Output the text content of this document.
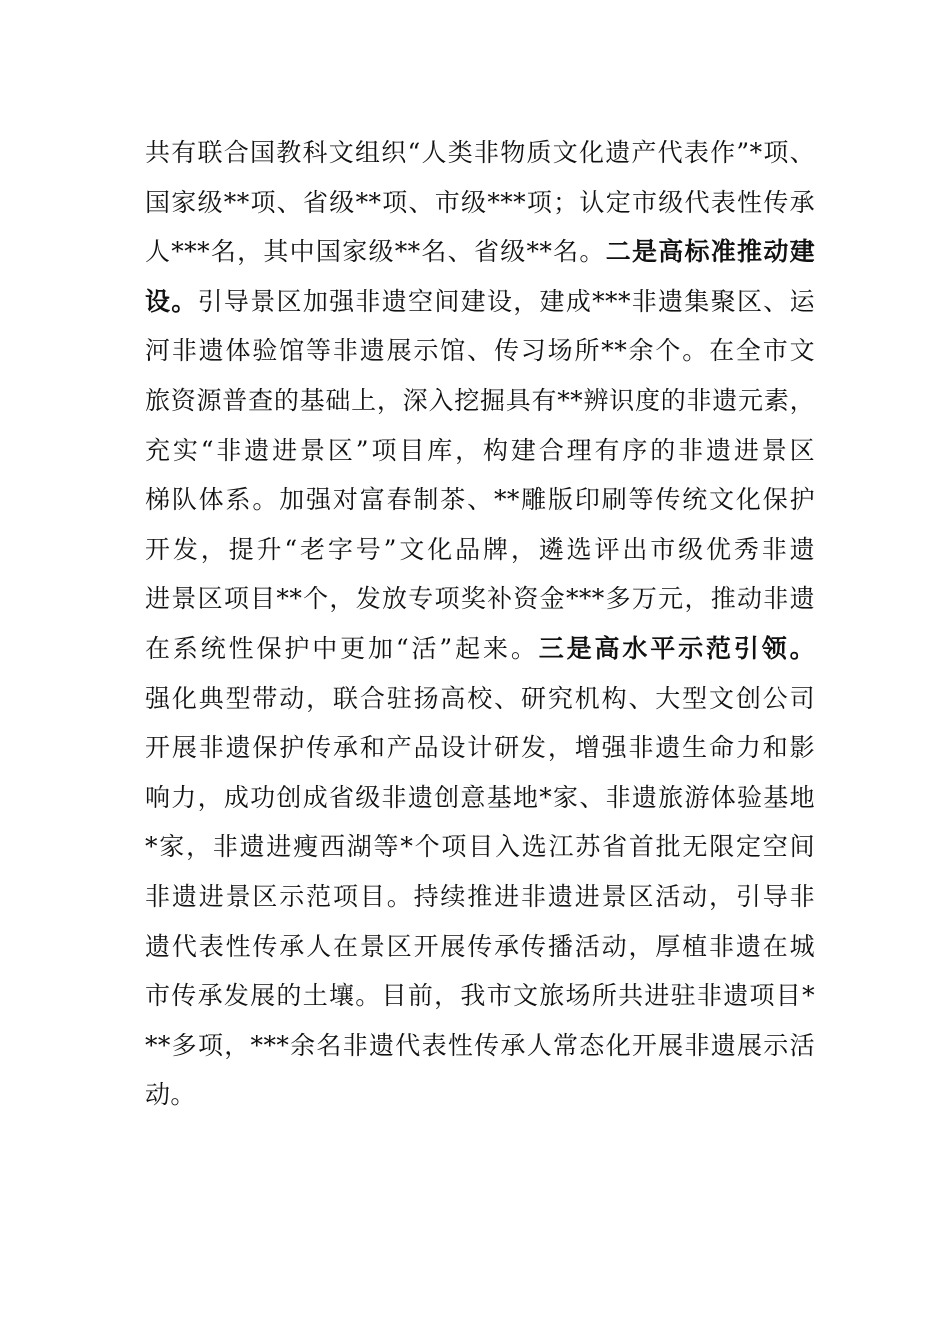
共有联合国教科文组织“人类非物质文化遗产代表作”*项、
国家级**项、省级**项、市级***项；认定市级代表性传承
人***名，其中国家级**名、省级**名。二是高标准推动建
设。引导景区加强非遗空间建设，建成***非遗集聚区、运
河非遗体验馆等非遗展示馆、传习场所**余个。在全市文
旅资源普查的基础上，深入挖掘具有**辨识度的非遗元素，
充实“非遗进景区”项目库，构建合理有序的非遗进景区
梯队体系。加强对富春制茶、**雕版印刷等传统文化保护
开发，提升“老字号”文化品牌，遴选评出市级优秀非遗
进景区项目**个，发放专项奖补资金***多万元，推动非遗
在系统性保护中更加“活”起来。三是高水平示范引领。
强化典型带动，联合驻扬高校、研究机构、大型文创公司
开展非遗保护传承和产品设计研发，增强非遗生命力和影
响力，成功创成省级非遗创意基地*家、非遗旅游体验基地
*家，非遗进瘦西湖等*个项目入选江苏省首批无限定空间
非遗进景区示范项目。持续推进非遗进景区活动，引导非
遗代表性传承人在景区开展传承传播活动，厚植非遗在城
市传承发展的土壤。目前，我市文旅场所共进驻非遗项目*
**多项，***余名非遗代表性传承人常态化开展非遗展示活
动。
